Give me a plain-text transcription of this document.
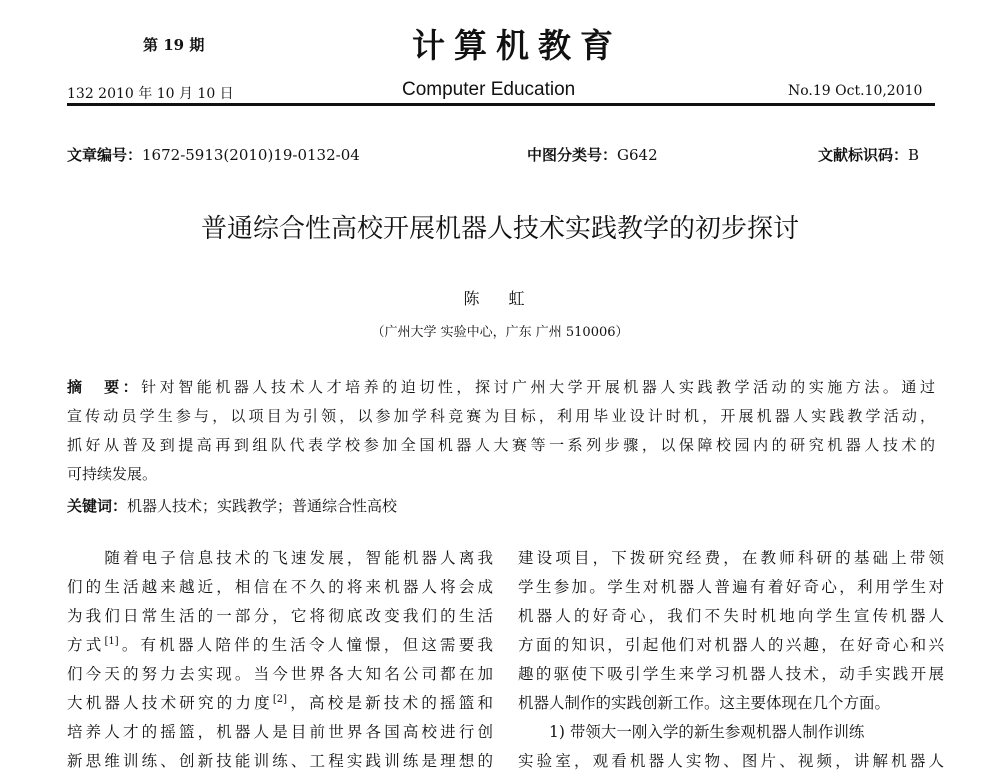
第 19 期
132 2010 年 10 月 10 日
计算机教育
Computer Education	No.19 Oct.10,2010
文章编号：1672-5913(2010)19-0132-04	中图分类号：G642	文献标识码：B
普通综合性高校开展机器人技术实践教学的初步探讨
陈 虹
（广州大学 实验中心，广东 广州 510006）
摘　要：针对智能机器人技术人才培养的迫切性，探讨广州大学开展机器人实践教学活动的实施方法。通过
宣传动员学生参与，以项目为引领，以参加学科竞赛为目标，利用毕业设计时机，开展机器人实践教学活动，
抓好从普及到提高再到组队代表学校参加全国机器人大赛等一系列步骤，以保障校园内的研究机器人技术的
可持续发展。
关键词：机器人技术；实践教学；普通综合性高校
　　随着电子信息技术的飞速发展，智能机器人离我
们的生活越来越近，相信在不久的将来机器人将会成
为我们日常生活的一部分，它将彻底改变我们的生活
方式[1]。有机器人陪伴的生活令人憧憬，但这需要我
们今天的努力去实现。当今世界各大知名公司都在加
大机器人技术研究的力度[2]，高校是新技术的摇篮和
培养人才的摇篮，机器人是目前世界各国高校进行创
新思维训练、创新技能训练、工程实践训练是理想的
建设项目，下拨研究经费，在教师科研的基础上带领
学生参加。学生对机器人普遍有着好奇心，利用学生对
机器人的好奇心，我们不失时机地向学生宣传机器人
方面的知识，引起他们对机器人的兴趣，在好奇心和兴
趣的驱使下吸引学生来学习机器人技术，动手实践开展
机器人制作的实践创新工作。这主要体现在几个方面。
　　1) 带领大一刚入学的新生参观机器人制作训练
实验室，观看机器人实物、图片、视频，讲解机器人
